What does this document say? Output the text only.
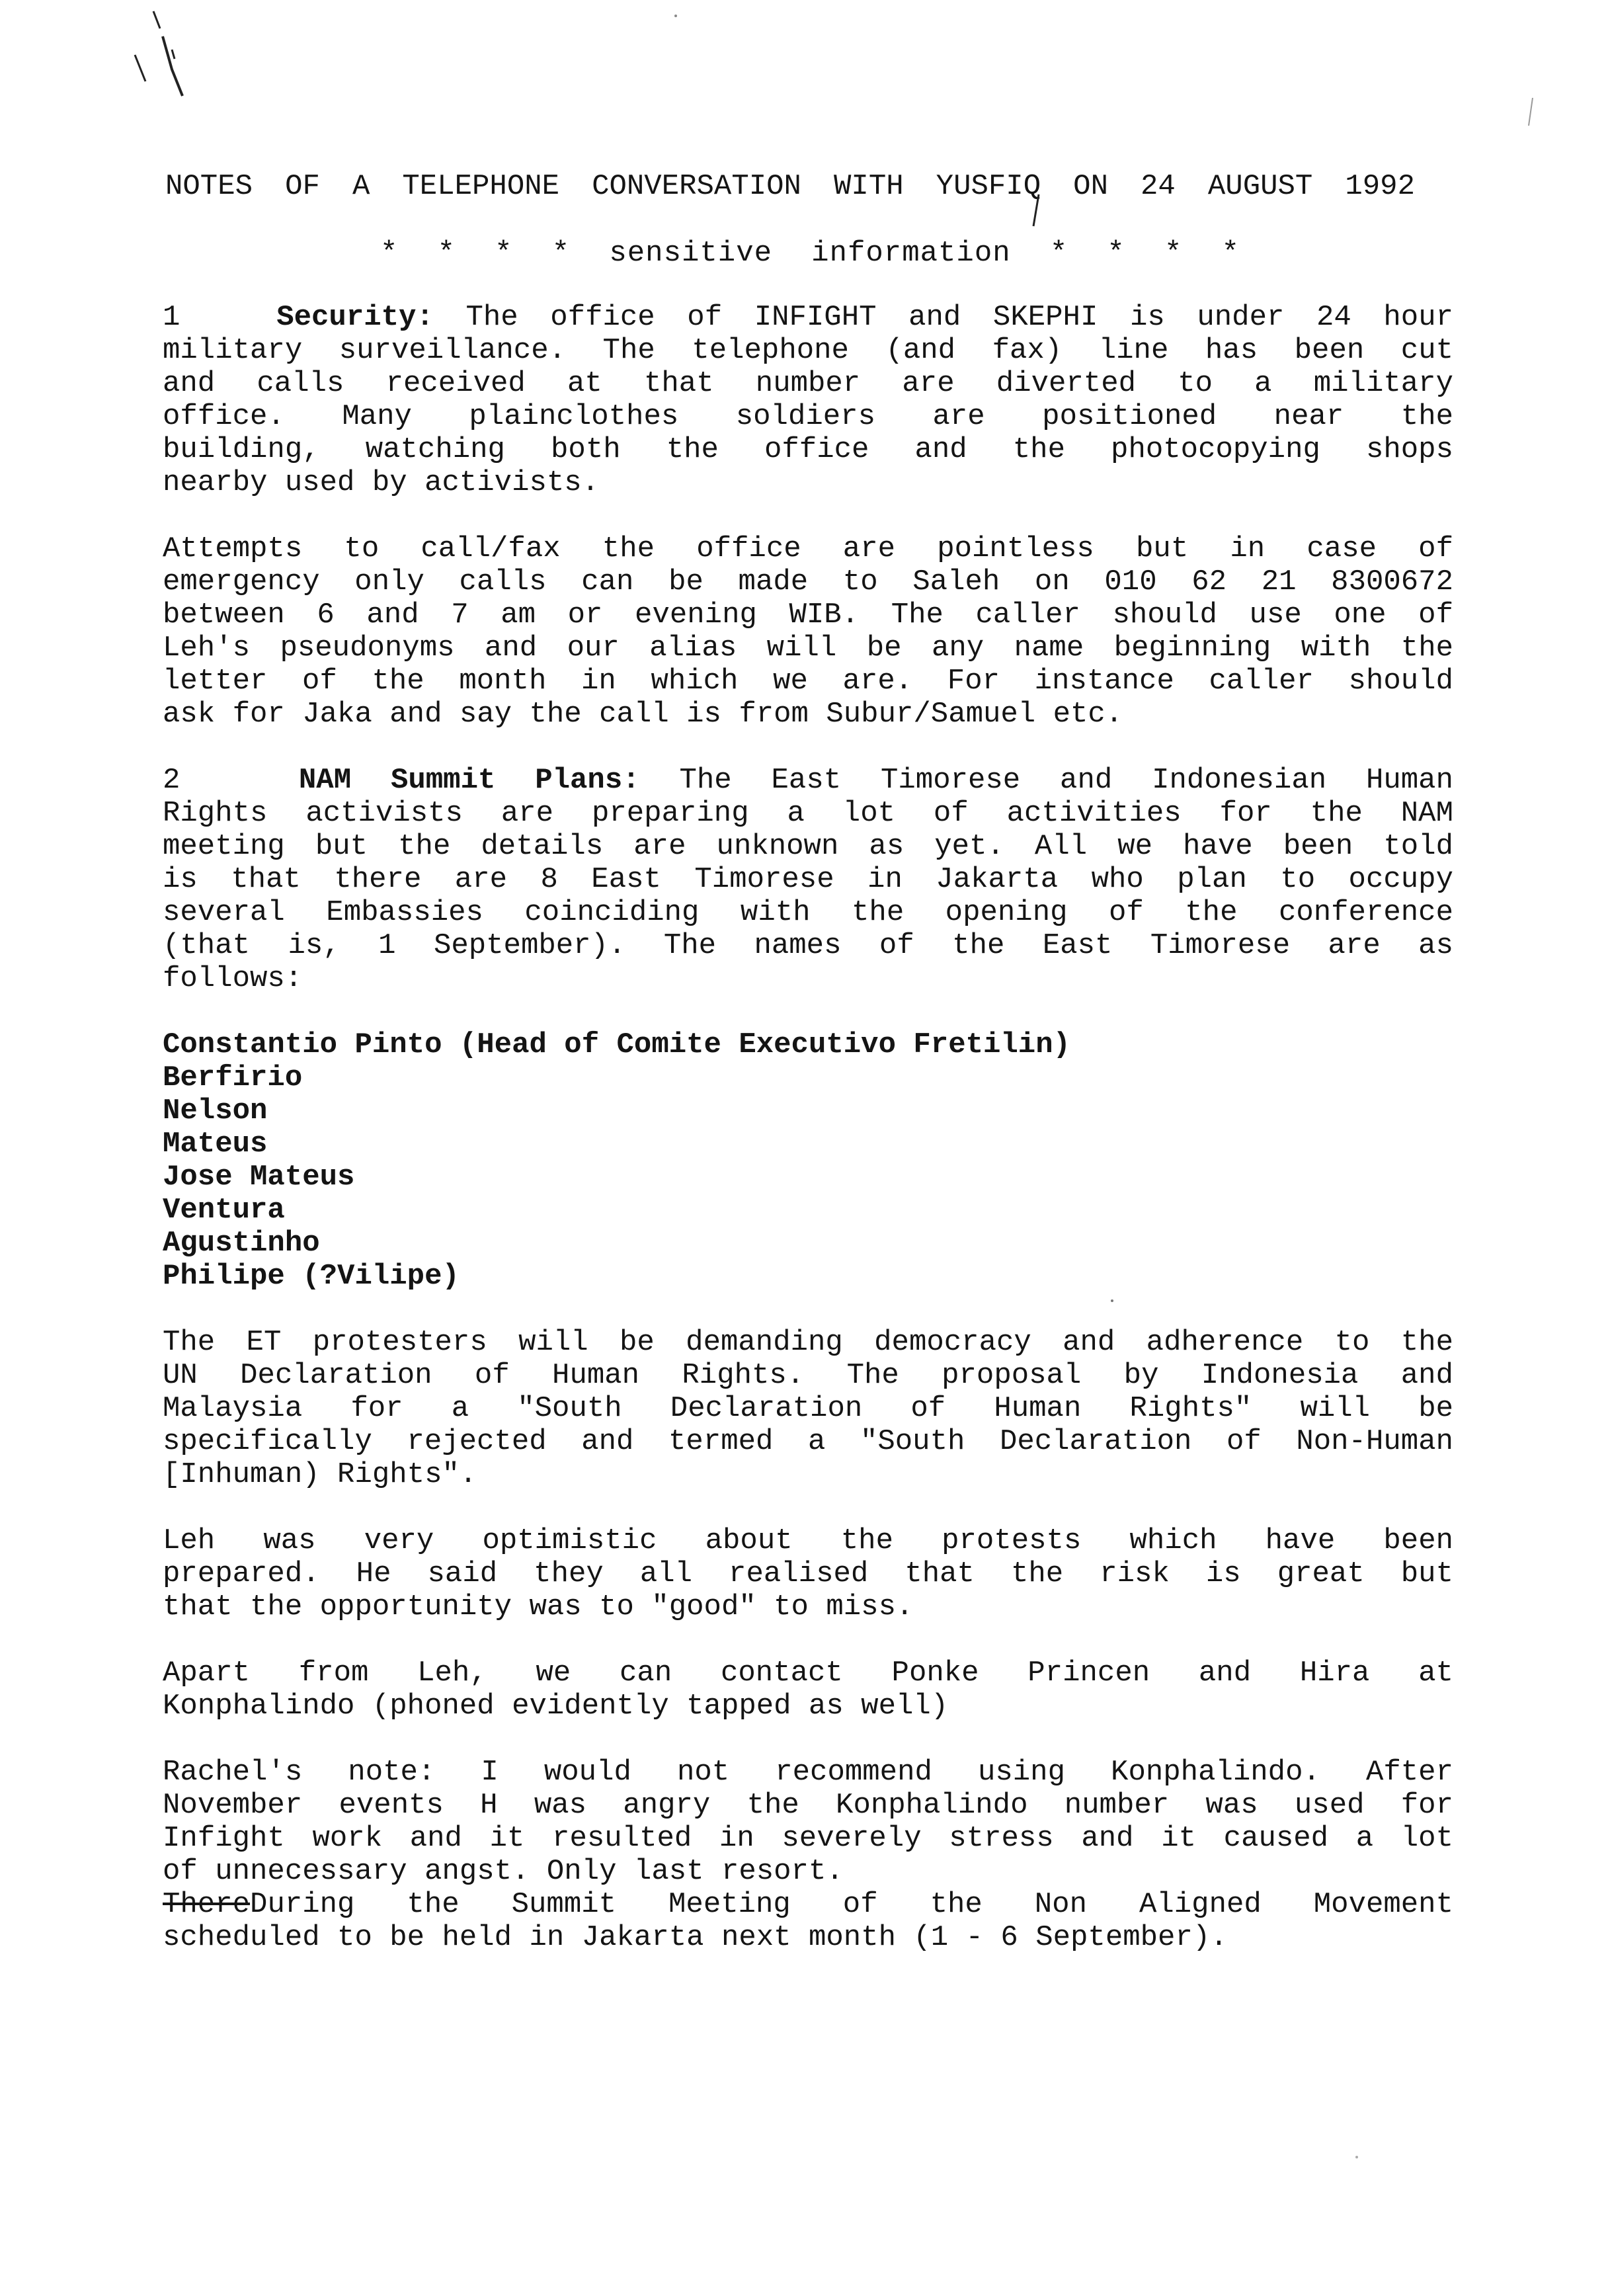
NOTES OF A TELEPHONE CONVERSATION WITH YUSFIQ ON 24 AUGUST 1992
* * * * sensitive information * * * *
1	Security: The office of INFIGHT and SKEPHI is under 24 hour
military surveillance. The telephone (and fax) line has been cut
and calls received at that number are diverted to a military
office. Many plainclothes soldiers are positioned near the
building, watching both the office and the photocopying shops
nearby used by activists.
Attempts to call/fax the office are pointless but in case of
emergency only calls can be made to Saleh on 010 62 21 8300672
between 6 and 7 am or evening WIB. The caller should use one of
Leh's pseudonyms and our alias will be any name beginning with the
letter of the month in which we are. For instance caller should
ask for Jaka and say the call is from Subur/Samuel etc.
2	NAM Summit Plans: The East Timorese and Indonesian Human
Rights activists are preparing a lot of activities for the NAM
meeting but the details are unknown as yet. All we have been told
is that there are 8 East Timorese in Jakarta who plan to occupy
several Embassies coinciding with the opening of the conference
(that is, 1 September). The names of the East Timorese are as
follows:
Constantio Pinto (Head of Comite Executivo Fretilin)
Berfirio
Nelson
Mateus
Jose Mateus
Ventura
Agustinho
Philipe (?Vilipe)
The ET protesters will be demanding democracy and adherence to the
UN Declaration of Human Rights. The proposal by Indonesia and
Malaysia for a "South Declaration of Human Rights" will be
specifically rejected and termed a "South Declaration of Non-Human
[Inhuman) Rights".
Leh was very optimistic about the protests which have been
prepared. He said they all realised that the risk is great but
that the opportunity was to "good" to miss.
Apart from Leh, we can contact Ponke Princen and Hira at
Konphalindo (phoned evidently tapped as well)
Rachel's note: I would not recommend using Konphalindo. After
November events H was angry the Konphalindo number was used for
Infight work and it resulted in severely stress and it caused a lot
of unnecessary angst. Only last resort.
ThereDuring the Summit Meeting of the Non Aligned Movement
scheduled to be held in Jakarta next month (1 - 6 September).
